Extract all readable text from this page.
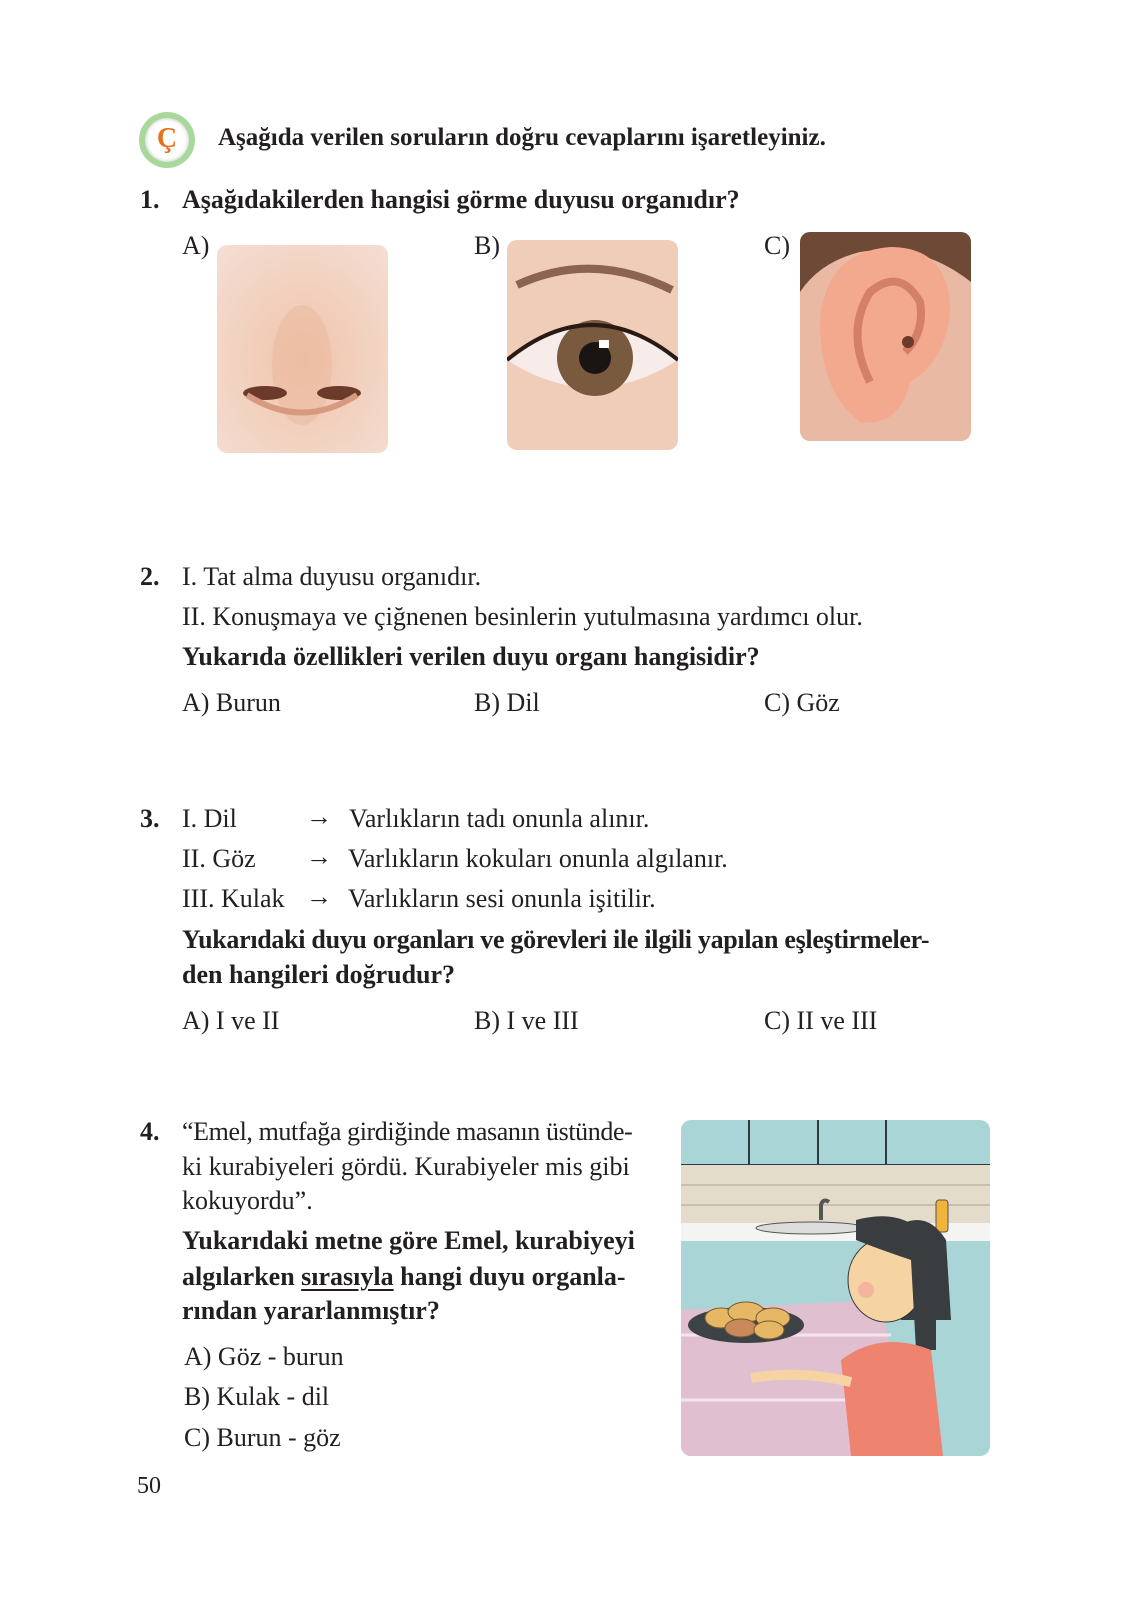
Ç	Aşağıda verilen soruların doğru cevaplarını işaretleyiniz.
1. Aşağıdakilerden hangisi görme duyusu organıdır?
A)	B)	C)
2. I. Tat alma duyusu organıdır.
II. Konuşmaya ve çiğnenen besinlerin yutulmasına yardımcı olur.
Yukarıda özellikleri verilen duyu organı hangisidir?
A) Burun	B) Dil	C) Göz
3. I. Dil	→ Varlıkların tadı onunla alınır.
II. Göz → Varlıkların kokuları onunla algılanır.
III. Kulak → Varlıkların sesi onunla işitilir.
Yukarıdaki duyu organları ve görevleri ile ilgili yapılan eşleştirmeler-
den hangileri doğrudur?
A) I ve II	B) I ve III	C) II ve III
4. “Emel, mutfağa girdiğinde masanın üstünde-
ki kurabiyeleri gördü. Kurabiyeler mis gibi
kokuyordu”.
Yukarıdaki metne göre Emel, kurabiyeyi
algılarken sırasıyla hangi duyu organla-
rından yararlanmıştır?
A) Göz - burun
B) Kulak - dil
C) Burun - göz
50
